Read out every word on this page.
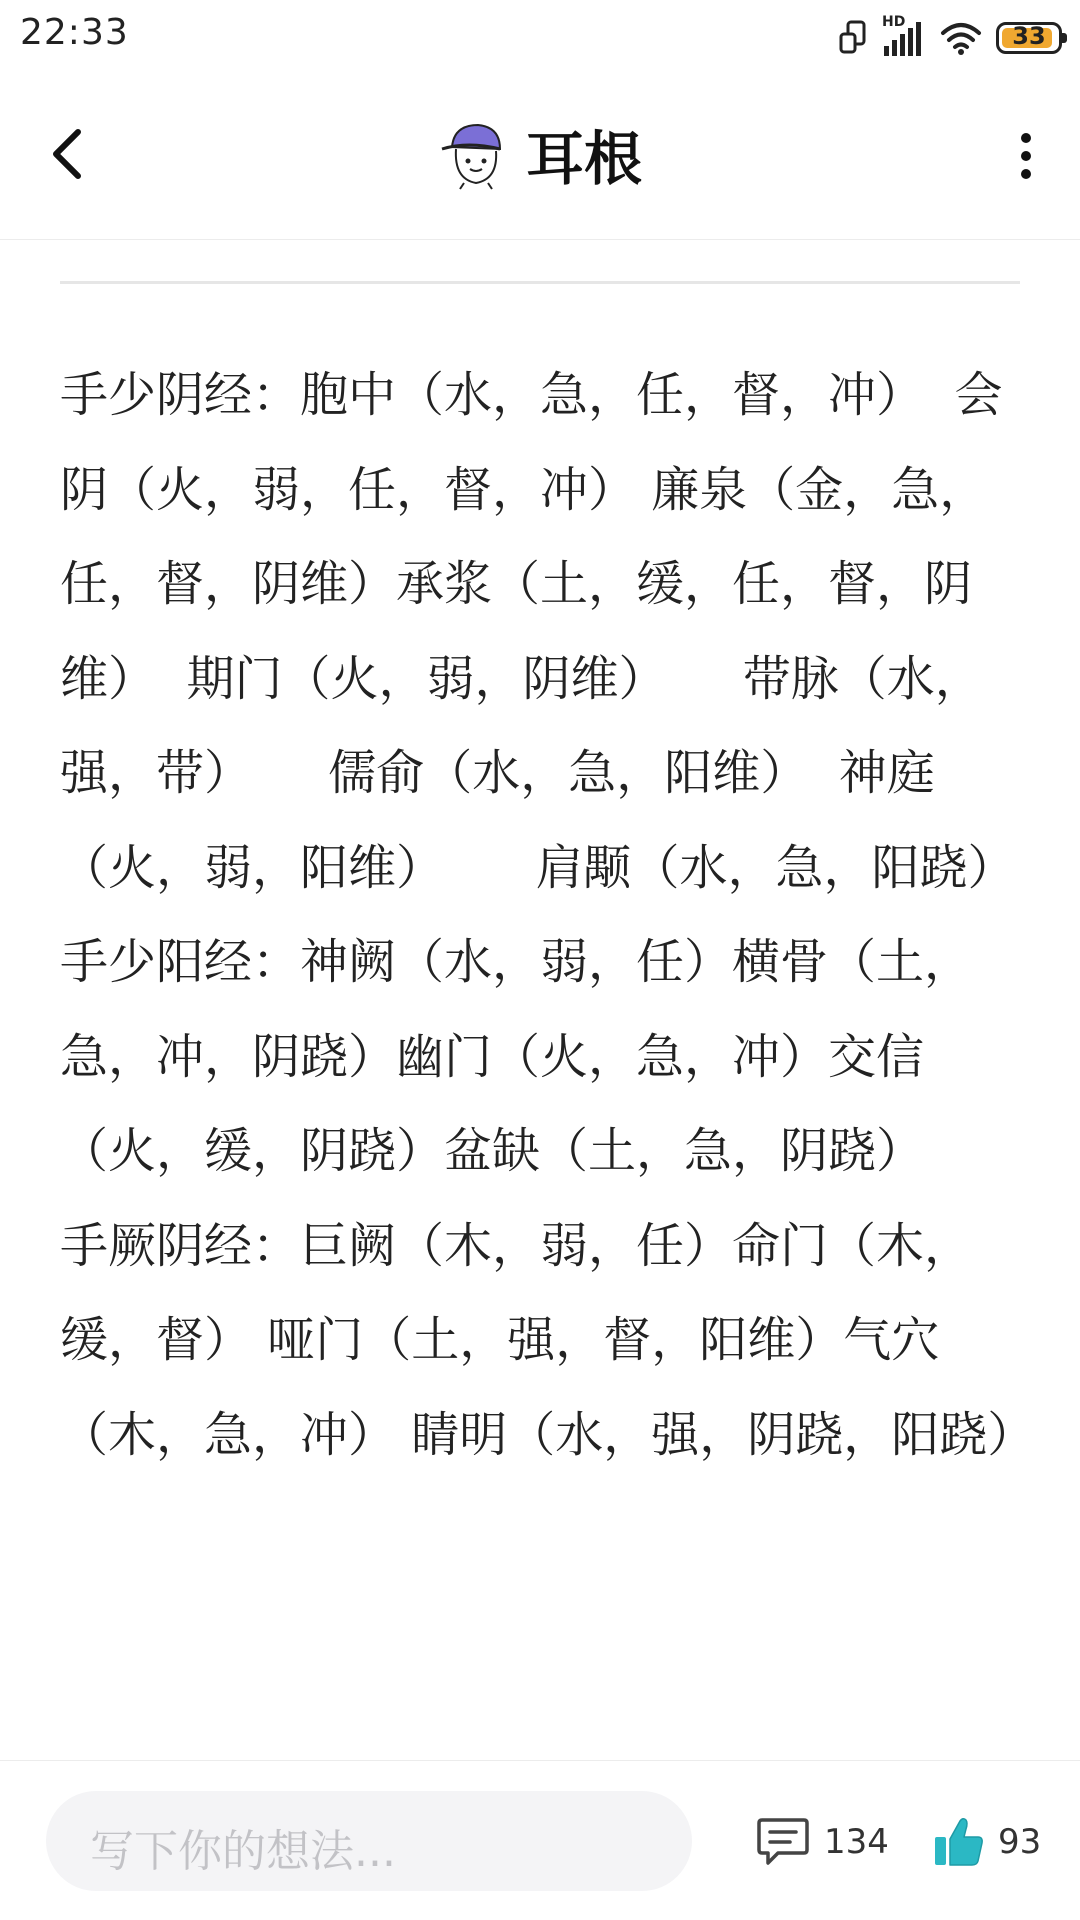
22:33	HD	33
耳根

手少阴经：胞中（水，急，任，督，冲）  会阴（火，弱，任，督，冲） 廉泉（金，急，任，督，阴维）承浆（土，缓，任，督，阴维）  期门（火，弱，阴维）     带脉（水，强，带）     儒俞（水，急，阳维）  神庭（火，弱，阳维）      肩颙（水，急，阳跷）

手少阳经：神阙（水，弱，任）横骨（土，急，冲，阴跷）幽门（火，急，冲）交信（火，缓，阴跷）盆缺（土，急，阴跷）

手厥阴经：巨阙（木，弱，任）命门（木，缓，督） 哑门（土，强，督，阳维）气穴（木，急，冲） 睛明（水，强，阴跷，阳跷）

写下你的想法...	134	93
